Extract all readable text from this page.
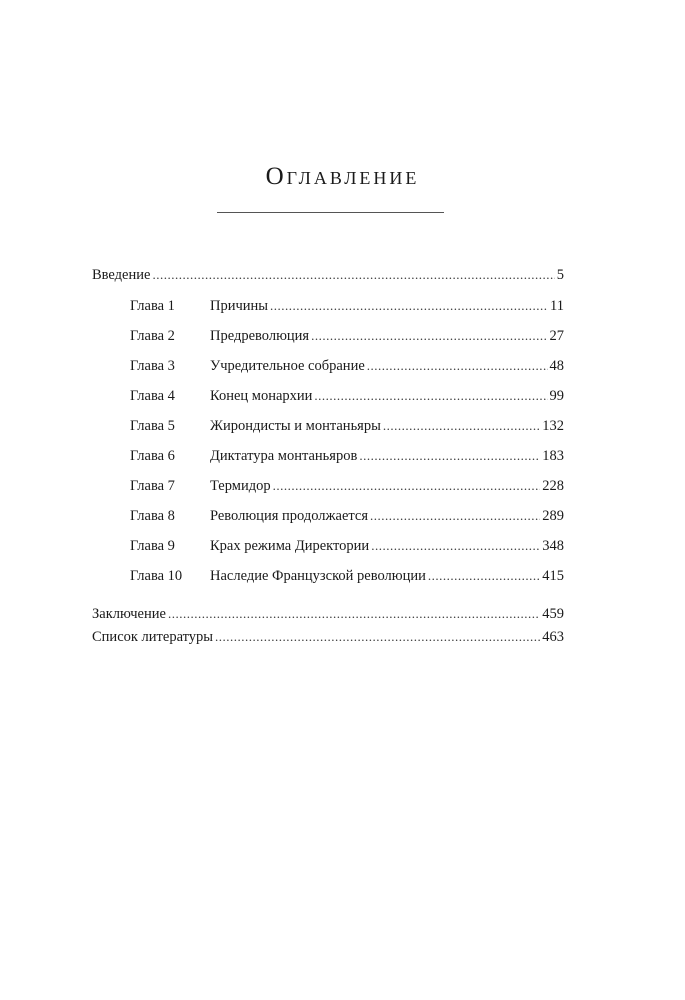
Оглавление
Введение .....	5
Глава 1	Причины .....	11
Глава 2	Предреволюция .....	27
Глава 3	Учредительное собрание .....	48
Глава 4	Конец монархии .....	99
Глава 5	Жирондисты и монтаньяры .....	132
Глава 6	Диктатура монтаньяров .....	183
Глава 7	Термидор .....	228
Глава 8	Революция продолжается .....	289
Глава 9	Крах режима Директории .....	348
Глава 10	Наследие Французской революции .....	415
Заключение .....	459
Список литературы .....	463
